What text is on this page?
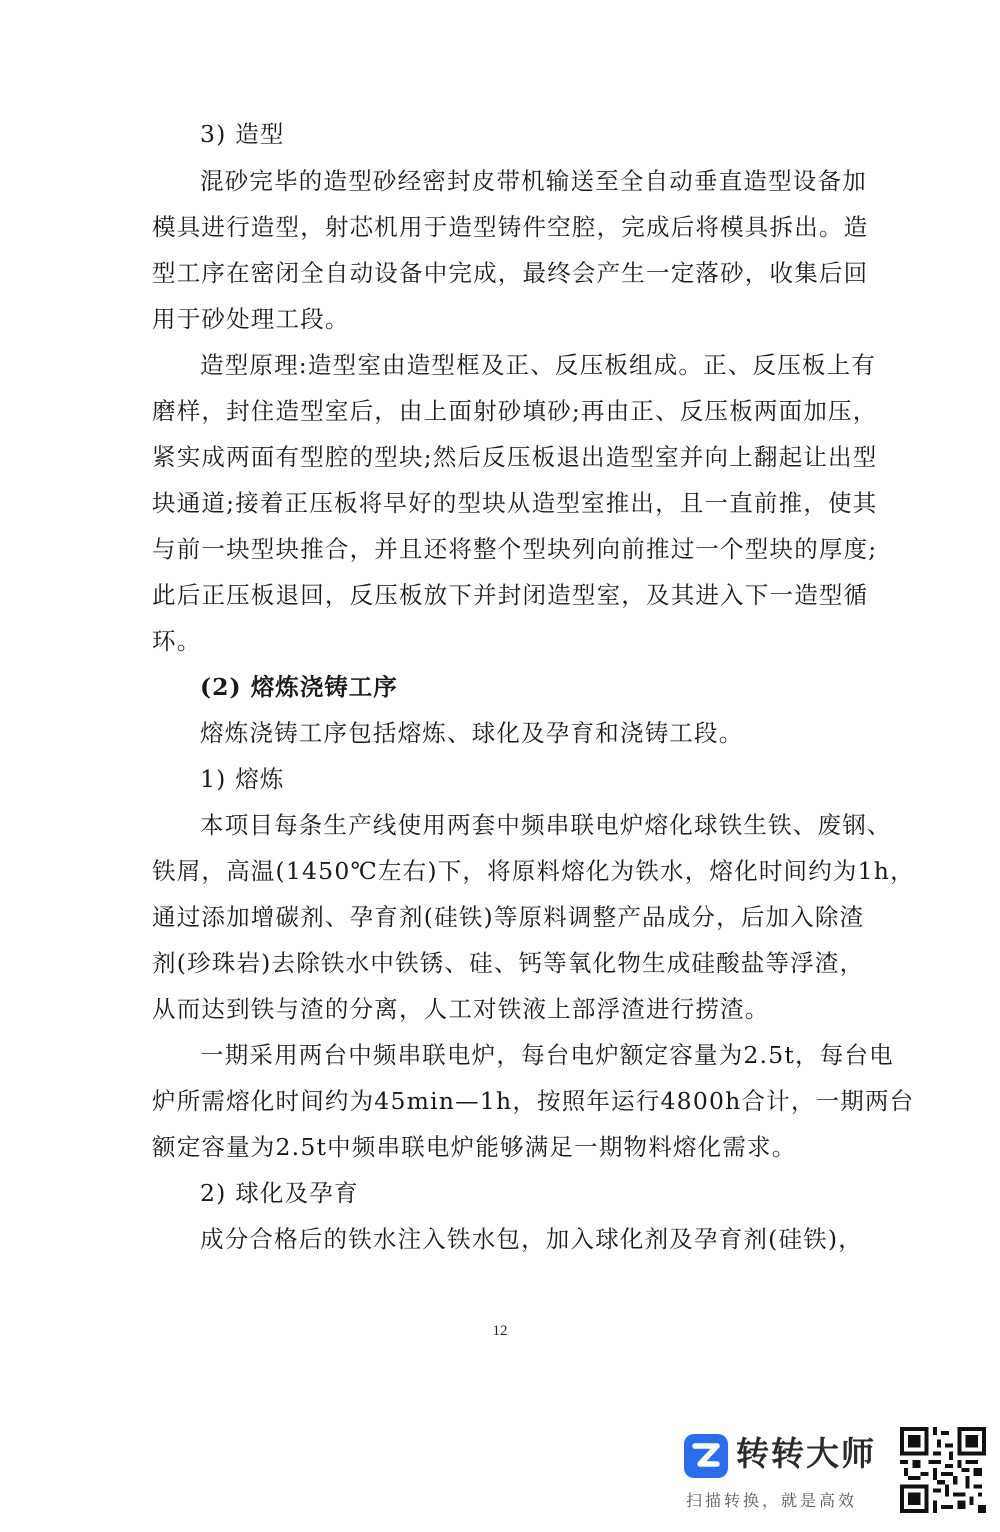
3) 造型
混砂完毕的造型砂经密封皮带机输送至全自动垂直造型设备加
模具进行造型，射芯机用于造型铸件空腔，完成后将模具拆出。造
型工序在密闭全自动设备中完成，最终会产生一定落砂，收集后回
用于砂处理工段。
造型原理:造型室由造型框及正、反压板组成。正、反压板上有
磨样，封住造型室后，由上面射砂填砂;再由正、反压板两面加压，
紧实成两面有型腔的型块;然后反压板退出造型室并向上翻起让出型
块通道;接着正压板将早好的型块从造型室推出，且一直前推，使其
与前一块型块推合，并且还将整个型块列向前推过一个型块的厚度;
此后正压板退回，反压板放下并封闭造型室，及其进入下一造型循
环。
(2) 熔炼浇铸工序
熔炼浇铸工序包括熔炼、球化及孕育和浇铸工段。
1) 熔炼
本项目每条生产线使用两套中频串联电炉熔化球铁生铁、废钢、
铁屑，高温(1450℃左右)下，将原料熔化为铁水，熔化时间约为1h，
通过添加增碳剂、孕育剂(硅铁)等原料调整产品成分，后加入除渣
剂(珍珠岩)去除铁水中铁锈、硅、钙等氧化物生成硅酸盐等浮渣，
从而达到铁与渣的分离，人工对铁液上部浮渣进行捞渣。
一期采用两台中频串联电炉，每台电炉额定容量为2.5t，每台电
炉所需熔化时间约为45min—1h，按照年运行4800h合计，一期两台
额定容量为2.5t中频串联电炉能够满足一期物料熔化需求。
2) 球化及孕育
成分合格后的铁水注入铁水包，加入球化剂及孕育剂(硅铁)，
12
转转大师
扫描转换，就是高效
